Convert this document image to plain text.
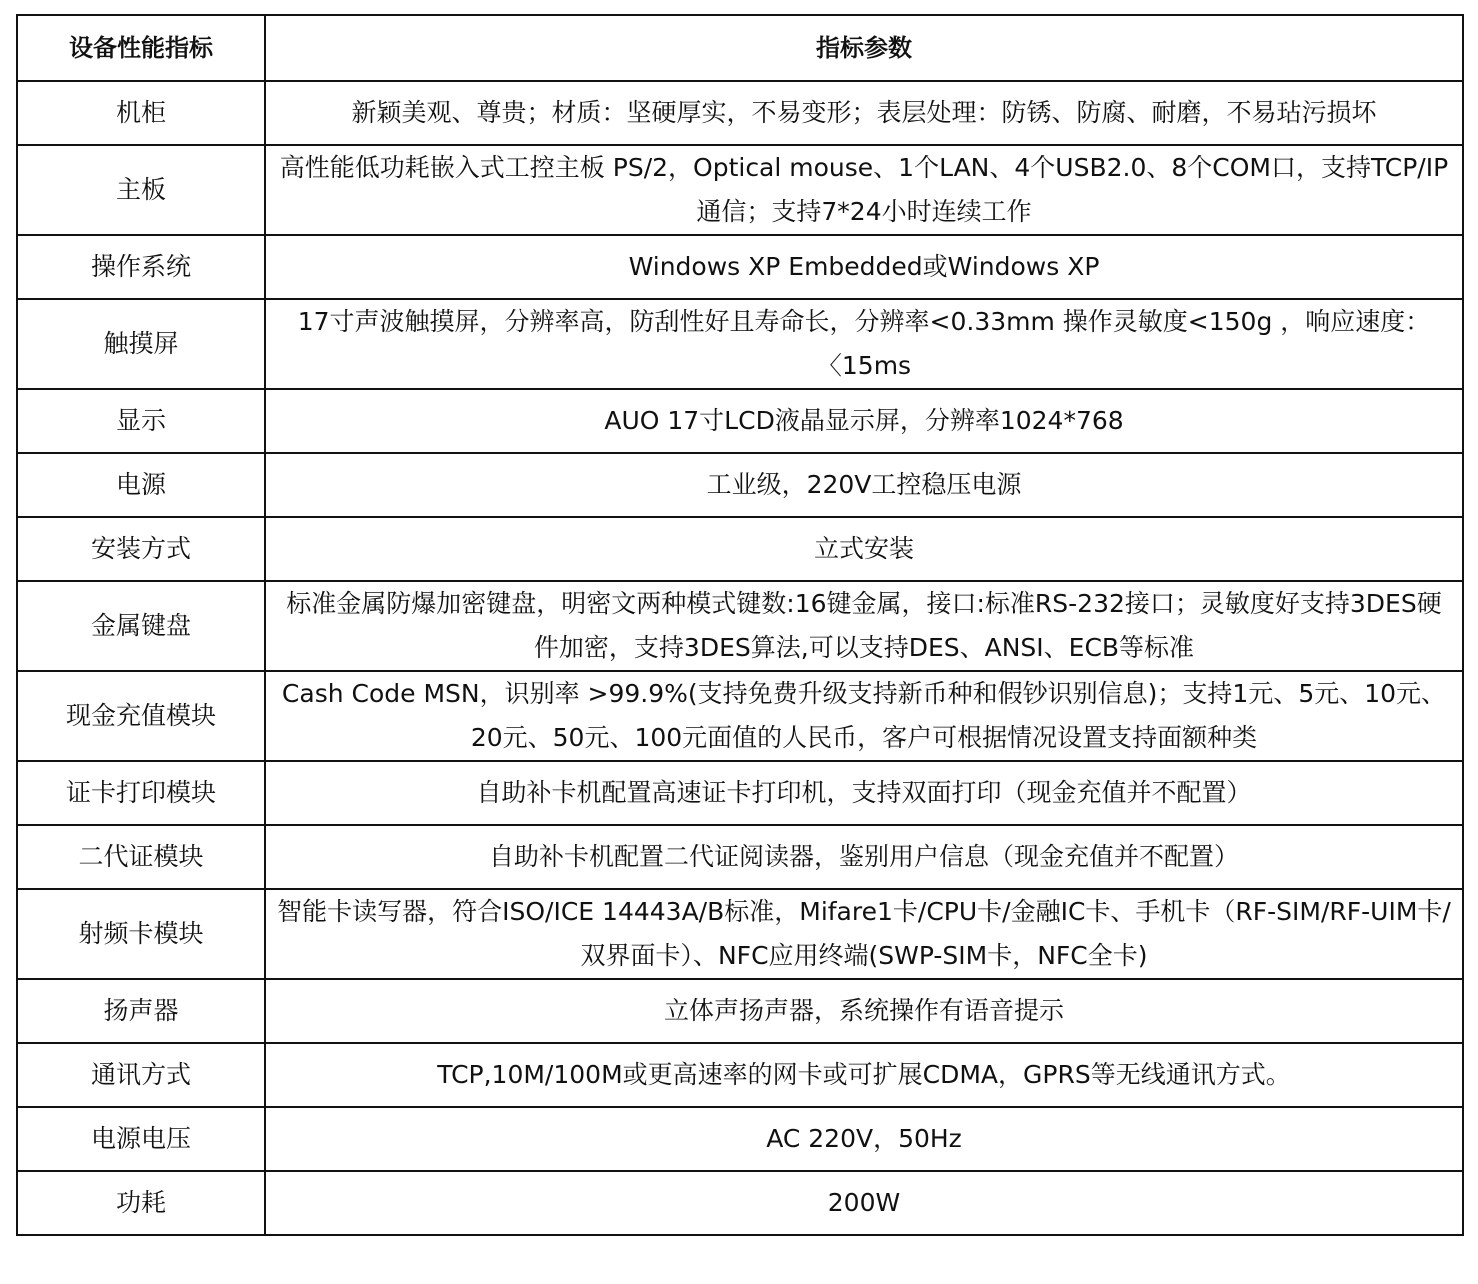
设备性能指标	指标参数
机柜	新颖美观、尊贵；材质：坚硬厚实，不易变形；表层处理：防锈、防腐、耐磨，不易玷污损坏
主板	高性能低功耗嵌入式工控主板 PS/2，Optical mouse、1个LAN、4个USB2.0、8个COM口，支持TCP/IP通信；支持7*24小时连续工作
操作系统	Windows XP Embedded或Windows XP
触摸屏	17寸声波触摸屏，分辨率高，防刮性好且寿命长，分辨率<0.33mm 操作灵敏度<150g ，响应速度：〈15ms
显示	AUO 17寸LCD液晶显示屏，分辨率1024*768
电源	工业级，220V工控稳压电源
安装方式	立式安装
金属键盘	标准金属防爆加密键盘，明密文两种模式键数:16键金属，接口:标准RS-232接口；灵敏度好支持3DES硬件加密，支持3DES算法,可以支持DES、ANSI、ECB等标准
现金充值模块	Cash Code MSN，识别率 >99.9%(支持免费升级支持新币种和假钞识别信息)；支持1元、5元、10元、20元、50元、100元面值的人民币，客户可根据情况设置支持面额种类
证卡打印模块	自助补卡机配置高速证卡打印机，支持双面打印（现金充值并不配置）
二代证模块	自助补卡机配置二代证阅读器，鉴别用户信息（现金充值并不配置）
射频卡模块	智能卡读写器，符合ISO/ICE 14443A/B标准，Mifare1卡/CPU卡/金融IC卡、手机卡（RF-SIM/RF-UIM卡/双界面卡）、NFC应用终端(SWP-SIM卡，NFC全卡)
扬声器	立体声扬声器，系统操作有语音提示
通讯方式	TCP,10M/100M或更高速率的网卡或可扩展CDMA，GPRS等无线通讯方式。
电源电压	AC 220V，50Hz
功耗	200W
